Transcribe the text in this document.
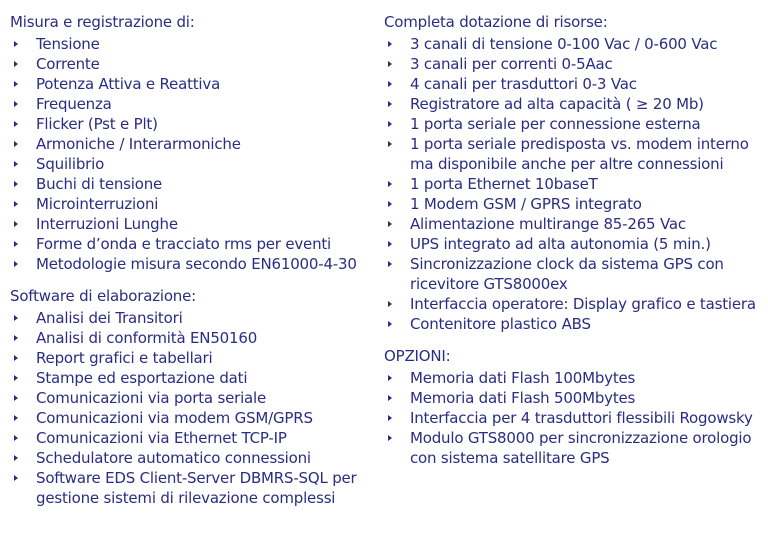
Misura e registrazione di:
Tensione
Corrente
Potenza Attiva e Reattiva
Frequenza
Flicker (Pst e Plt)
Armoniche / Interarmoniche
Squilibrio
Buchi di tensione
Microinterruzioni
Interruzioni Lunghe
Forme d’onda e tracciato rms per eventi
Metodologie misura secondo EN61000-4-30
Software di elaborazione:
Analisi dei Transitori
Analisi di conformità EN50160
Report grafici e tabellari
Stampe ed esportazione dati
Comunicazioni via porta seriale
Comunicazioni via modem GSM/GPRS
Comunicazioni via Ethernet TCP-IP
Schedulatore automatico connessioni
Software EDS Client-Server DBMRS-SQL per gestione sistemi di rilevazione complessi
Completa dotazione di risorse:
3 canali di tensione 0-100 Vac / 0-600 Vac
3 canali per correnti 0-5Aac
4 canali per trasduttori 0-3 Vac
Registratore ad alta capacità ( ≥ 20 Mb)
1 porta seriale per connessione esterna
1 porta seriale predisposta vs. modem interno ma disponibile anche per altre connessioni
1 porta Ethernet 10baseT
1 Modem GSM / GPRS integrato
Alimentazione multirange 85-265 Vac
UPS integrato ad alta autonomia (5 min.)
Sincronizzazione clock da sistema GPS con ricevitore GTS8000ex
Interfaccia operatore: Display grafico e tastiera
Contenitore plastico ABS
OPZIONI:
Memoria dati Flash 100Mbytes
Memoria dati Flash 500Mbytes
Interfaccia per 4 trasduttori flessibili Rogowsky
Modulo GTS8000 per sincronizzazione orologio con sistema satellitare GPS
